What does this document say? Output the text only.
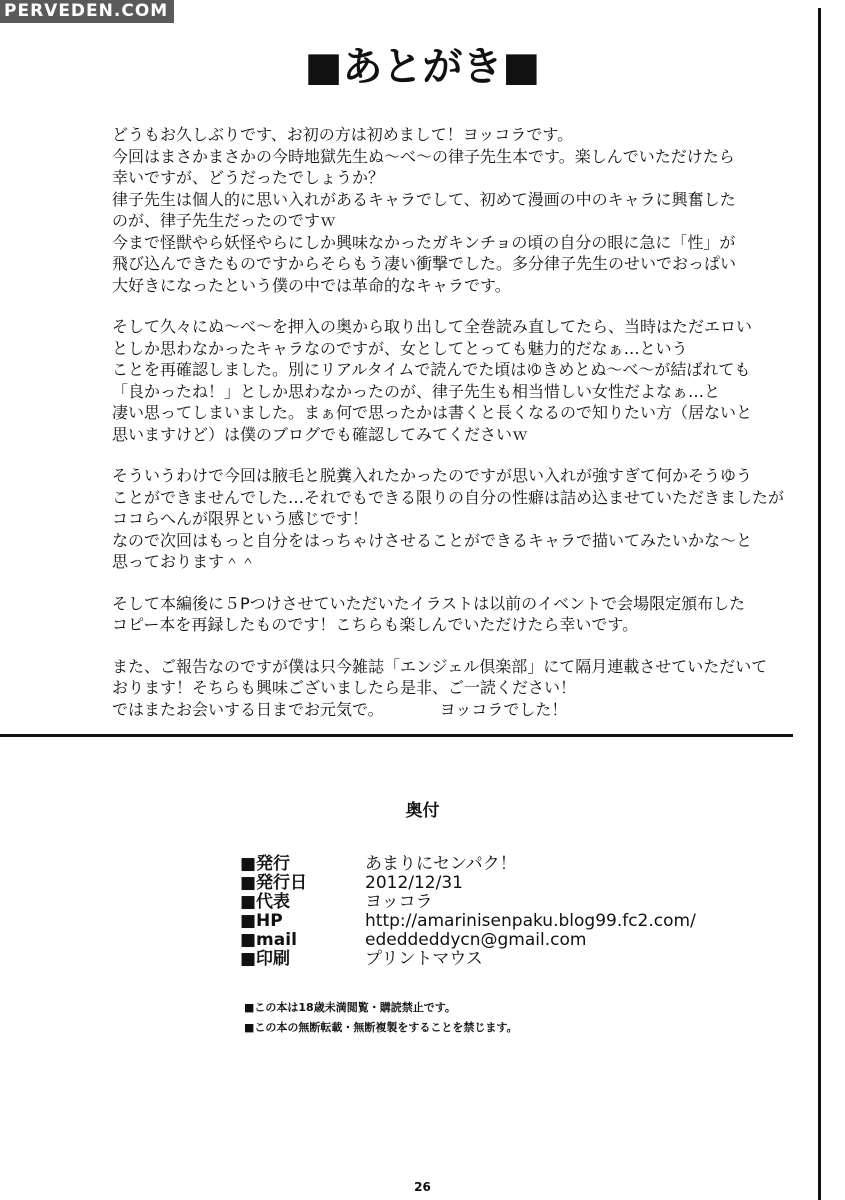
PERVEDEN.COM
■あとがき■
どうもお久しぶりです、お初の方は初めまして！ヨッコラです。
今回はまさかまさかの今時地獄先生ぬ～べ～の律子先生本です。楽しんでいただけたら
幸いですが、どうだったでしょうか？
律子先生は個人的に思い入れがあるキャラでして、初めて漫画の中のキャラに興奮した
のが、律子先生だったのですｗ
今まで怪獣やら妖怪やらにしか興味なかったガキンチョの頃の自分の眼に急に「性」が
飛び込んできたものですからそらもう凄い衝撃でした。多分律子先生のせいでおっぱい
大好きになったという僕の中では革命的なキャラです。
そして久々にぬ～べ～を押入の奥から取り出して全巻読み直してたら、当時はただエロい
としか思わなかったキャラなのですが、女としてとっても魅力的だなぁ…という
ことを再確認しました。別にリアルタイムで読んでた頃はゆきめとぬ～べ～が結ばれても
「良かったね！」としか思わなかったのが、律子先生も相当惜しい女性だよなぁ…と
凄い思ってしまいました。まぁ何で思ったかは書くと長くなるので知りたい方（居ないと
思いますけど）は僕のブログでも確認してみてくださいｗ
そういうわけで今回は腋毛と脱糞入れたかったのですが思い入れが強すぎて何かそうゆう
ことができませんでした…それでもできる限りの自分の性癖は詰め込ませていただきましたが
ココらへんが限界という感じです！
なので次回はもっと自分をはっちゃけさせることができるキャラで描いてみたいかな～と
思っております＾＾
そして本編後に５Pつけさせていただいたイラストは以前のイベントで会場限定頒布した
コピー本を再録したものです！こちらも楽しんでいただけたら幸いです。
また、ご報告なのですが僕は只今雑誌「エンジェル倶楽部」にて隔月連載させていただいて
おります！そちらも興味ございましたら是非、ご一読ください！
ではまたお会いする日までお元気で。　　　　ヨッコラでした！
奥付
■発行	あまりにセンパク！
■発行日	2012/12/31
■代表	ヨッコラ
■HP	http://amarinisenpaku.blog99.fc2.com/
■mail	ededdeddycn@gmail.com
■印刷	プリントマウス
■この本は18歳未満閲覧・購読禁止です。
■この本の無断転載・無断複製をすることを禁じます。
26
